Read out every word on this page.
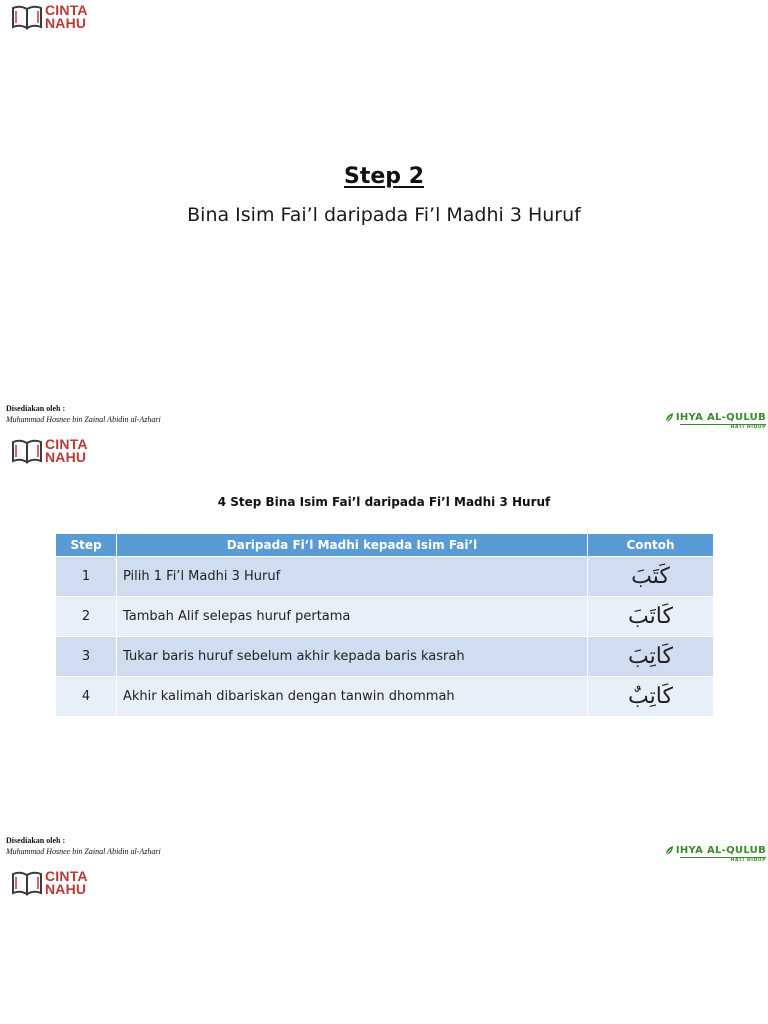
CINTA
NAHU
Step 2
Bina Isim Fai’l daripada Fi’l Madhi 3 Huruf
Disediakan oleh :
Muhammad Hosnee bin Zainal Abidin al-Azhari	IHYA AL-QULUB
HATI HIDUP
CINTA
NAHU
4 Step Bina Isim Fai’l daripada Fi’l Madhi 3 Huruf
Step	Daripada Fi’l Madhi kepada Isim Fai’l	Contoh
1	Pilih 1 Fi’l Madhi 3 Huruf	كَتَبَ
2	Tambah Alif selepas huruf pertama	كَاتَبَ
3	Tukar baris huruf sebelum akhir kepada baris kasrah	كَاتِبَ
4	Akhir kalimah dibariskan dengan tanwin dhommah	كَاتِبٌ
Disediakan oleh :
Muhammad Hosnee bin Zainal Abidin al-Azhari	IHYA AL-QULUB
HATI HIDUP
CINTA
NAHU
